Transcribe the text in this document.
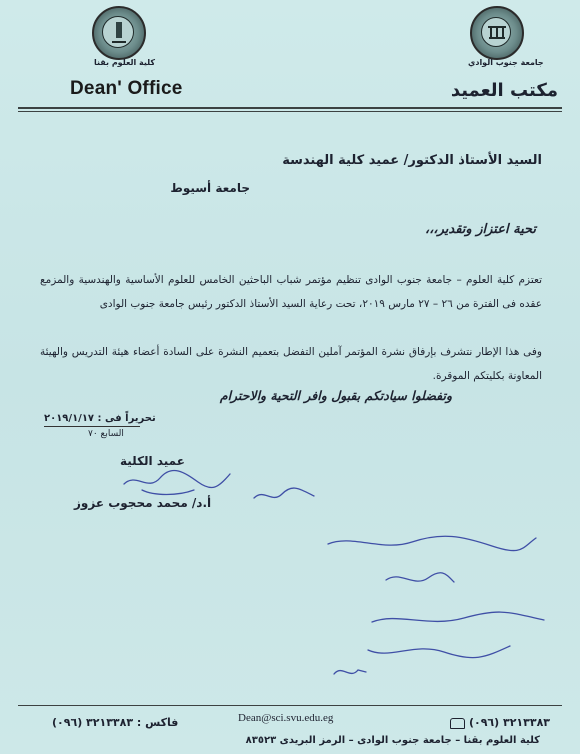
كلية العلوم بقنا
Dean' Office
جامعة جنوب الوادي
مكتب العميد
السيد الأستاذ الدكتور/ عميد كلية الهندسة
جامعة أسيوط
تحية اعتزاز وتقدير،،،
تعتزم كلية العلوم – جامعة جنوب الوادى تنظيم مؤتمر شباب الباحثين الخامس للعلوم الأساسية والهندسية والمزمع عقده فى الفترة من ٢٦ – ٢٧ مارس ٢٠١٩، تحت رعاية السيد الأستاذ الدكتور رئيس جامعة جنوب الوادى
وفى هذا الإطار نتشرف بإرفاق نشرة المؤتمر آملين التفضل بتعميم النشرة على السادة أعضاء هيئة التدريس والهيئة المعاونة بكليتكم الموقرة.
وتفضلوا سيادتكم بقبول وافر التحية والاحترام
تحريراً فى : ٢٠١٩/١/١٧
السابع ٧٠
عميد الكلية
أ.د/ محمد محجوب عزوز
فاكس : ٣٢١٣٣٨٣ (٠٩٦)	Dean@sci.svu.edu.eg	(٠٩٦) ٣٢١٣٣٨٣
كلية العلوم بقنا – جامعة جنوب الوادى – الرمز البريدى ٨٣٥٢٣
